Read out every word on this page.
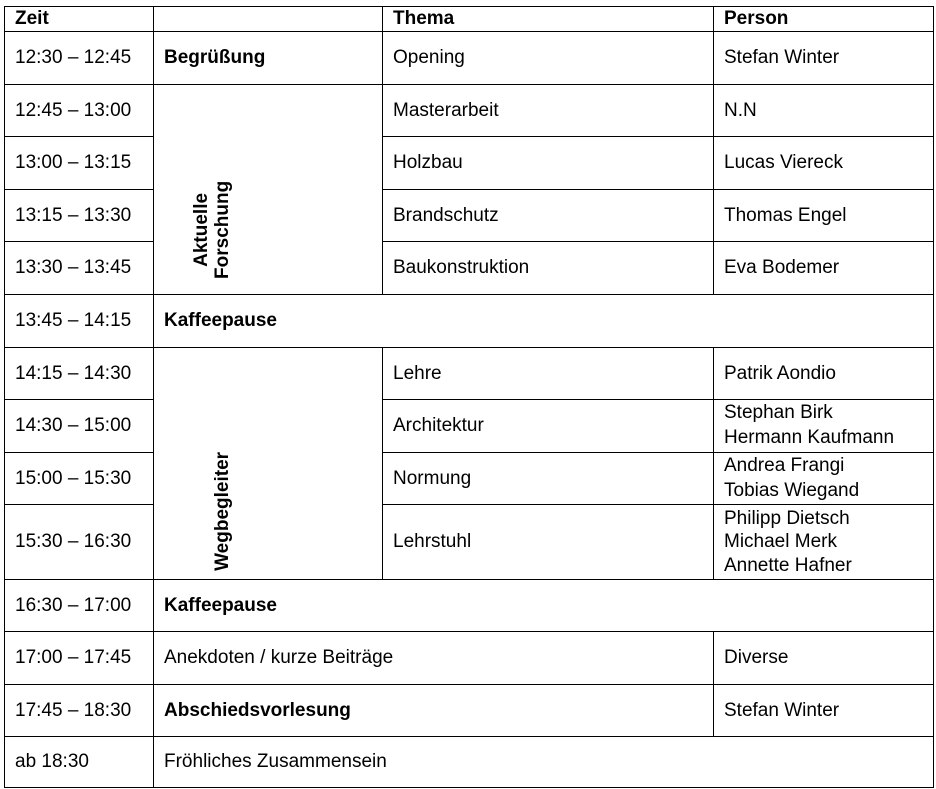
Zeit		Thema	Person
12:30 – 12:45	Begrüßung	Opening	Stefan Winter
12:45 – 13:00	Aktuelle Forschung	Masterarbeit	N.N
13:00 – 13:15		Holzbau	Lucas Viereck
13:15 – 13:30		Brandschutz	Thomas Engel
13:30 – 13:45		Baukonstruktion	Eva Bodemer
13:45 – 14:15	Kaffeepause		
14:15 – 14:30	Wegbegleiter	Lehre	Patrik Aondio
14:30 – 15:00		Architektur	Stephan Birk
Hermann Kaufmann

15:00 – 15:30		Normung	Andrea Frangi
Tobias Wiegand

15:30 – 16:30		Lehrstuhl	Philipp Dietsch
Michael Merk
Annette Hafner

16:30 – 17:00	Kaffeepause		
17:00 – 17:45	Anekdoten / kurze Beiträge		Diverse
17:45 – 18:30	Abschiedsvorlesung		Stefan Winter
ab 18:30	Fröhliches Zusammensein		
